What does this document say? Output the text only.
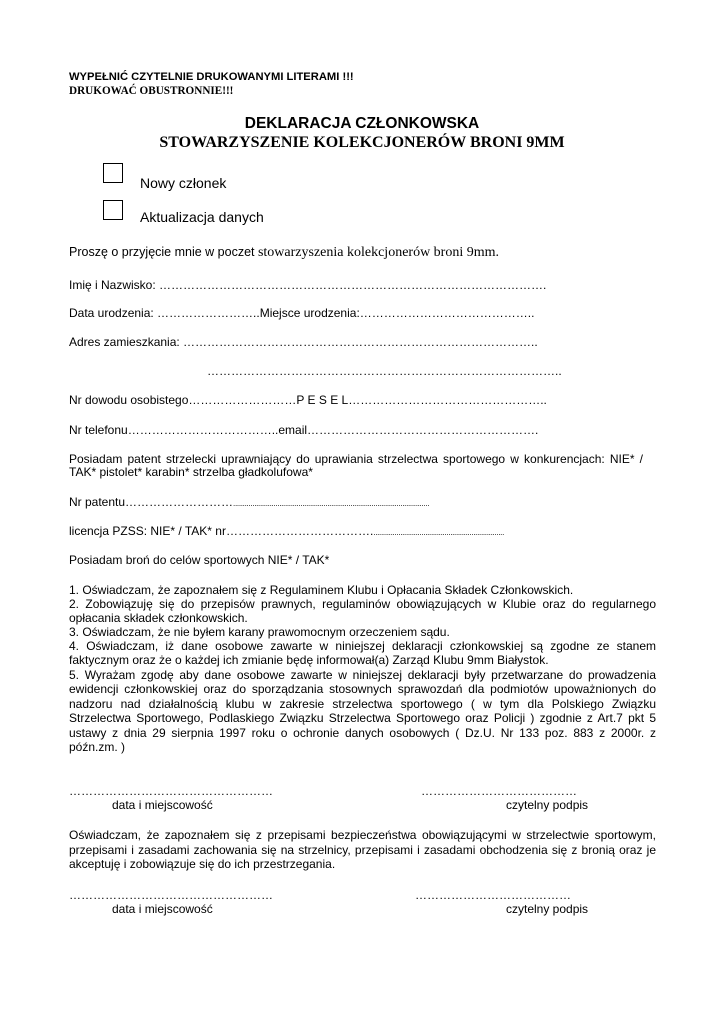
WYPEŁNIĆ CZYTELNIE DRUKOWANYMI LITERAMI !!!
DRUKOWAĆ OBUSTRONNIE!!!
DEKLARACJA CZŁONKOWSKA
STOWARZYSZENIE KOLEKCJONERÓW BRONI 9MM
Nowy członek
Aktualizacja danych
Proszę o przyjęcie mnie w poczet stowarzyszenia kolekcjonerów broni 9mm.
Imię i Nazwisko: …………………………………………………………………………………….
Data urodzenia: ……………………..Miejsce urodzenia:……………………………………..
Adres zamieszkania: ……………………………………………………………………………..
……………………………………………………………………………..
Nr dowodu osobistego………………………P E S E L…………………………………………..
Nr telefonu………………………………..email………………………………………………….
Posiadam patent strzelecki uprawniający do uprawiania strzelectwa sportowego w konkurencjach: NIE* /
TAK* pistolet* karabin* strzelba gładkolufowa*
Nr patentu………………………......................................................................................................
licencja PZSS: NIE* / TAK* nr……………………………….....................................................................
Posiadam broń do celów sportowych NIE* / TAK*
1. Oświadczam, że zapoznałem się z Regulaminem Klubu i Opłacania Składek Członkowskich.
2. Zobowiązuję się do przepisów prawnych, regulaminów obowiązujących w Klubie oraz do regularnego
opłacania składek członkowskich.
3. Oświadczam, że nie byłem karany prawomocnym orzeczeniem sądu.
4. Oświadczam, iż dane osobowe zawarte w niniejszej deklaracji członkowskiej są zgodne ze stanem
faktycznym oraz że o każdej ich zmianie będę informował(a) Zarząd Klubu 9mm Białystok.
5. Wyrażam zgodę aby dane osobowe zawarte w niniejszej deklaracji były przetwarzane do prowadzenia
ewidencji członkowskiej oraz do sporządzania stosownych sprawozdań dla podmiotów upoważnionych do
nadzoru nad działalnością klubu w zakresie strzelectwa sportowego ( w tym dla Polskiego Związku
Strzelectwa Sportowego, Podlaskiego Związku Strzelectwa Sportowego oraz Policji ) zgodnie z Art.7 pkt 5
ustawy z dnia 29 sierpnia 1997 roku o ochronie danych osobowych ( Dz.U. Nr 133 poz. 883 z 2000r. z
późn.zm. )
……………………………………………
data i miejscowość
…………………………………
czytelny podpis
Oświadczam, że zapoznałem się z przepisami bezpieczeństwa obowiązującymi w strzelectwie sportowym,
przepisami i zasadami zachowania się na strzelnicy, przepisami i zasadami obchodzenia się z bronią oraz je
akceptuję i zobowiązuje się do ich przestrzegania.
……………………………………………
data i miejscowość
…………………………………
czytelny podpis
